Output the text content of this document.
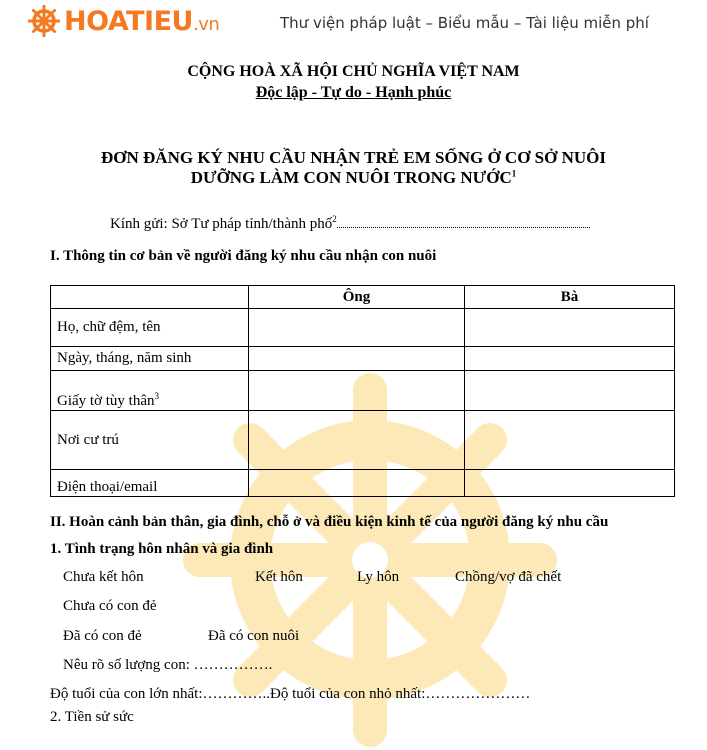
HOATIEU.vn	Thư viện pháp luật – Biểu mẫu – Tài liệu miễn phí
CỘNG HOÀ XÃ HỘI CHỦ NGHĨA VIỆT NAM
Độc lập - Tự do - Hạnh phúc
ĐƠN ĐĂNG KÝ NHU CẦU NHẬN TRẺ EM SỐNG Ở CƠ SỞ NUÔI
DƯỠNG LÀM CON NUÔI TRONG NƯỚC$^1$
Kính gửi: Sở Tư pháp tỉnh/thành phố$^2$
I. Thông tin cơ bản về người đăng ký nhu cầu nhận con nuôi
	Ông	Bà
Họ, chữ đệm, tên		
Ngày, tháng, năm sinh		
Giấy tờ tùy thân$^3$		
Nơi cư trú		
Điện thoại/email		
II. Hoàn cảnh bản thân, gia đình, chỗ ở và điều kiện kinh tế của người đăng ký nhu cầu
1. Tình trạng hôn nhân và gia đình
Chưa kết hôn	Kết hôn	Ly hôn	Chồng/vợ đã chết
Chưa có con đẻ
Đã có con đẻ	Đã có con nuôi
Nêu rõ số lượng con: …………….
Độ tuổi của con lớn nhất:…………..Độ tuổi của con nhỏ nhất:…………………
2. Tiền sử sức
